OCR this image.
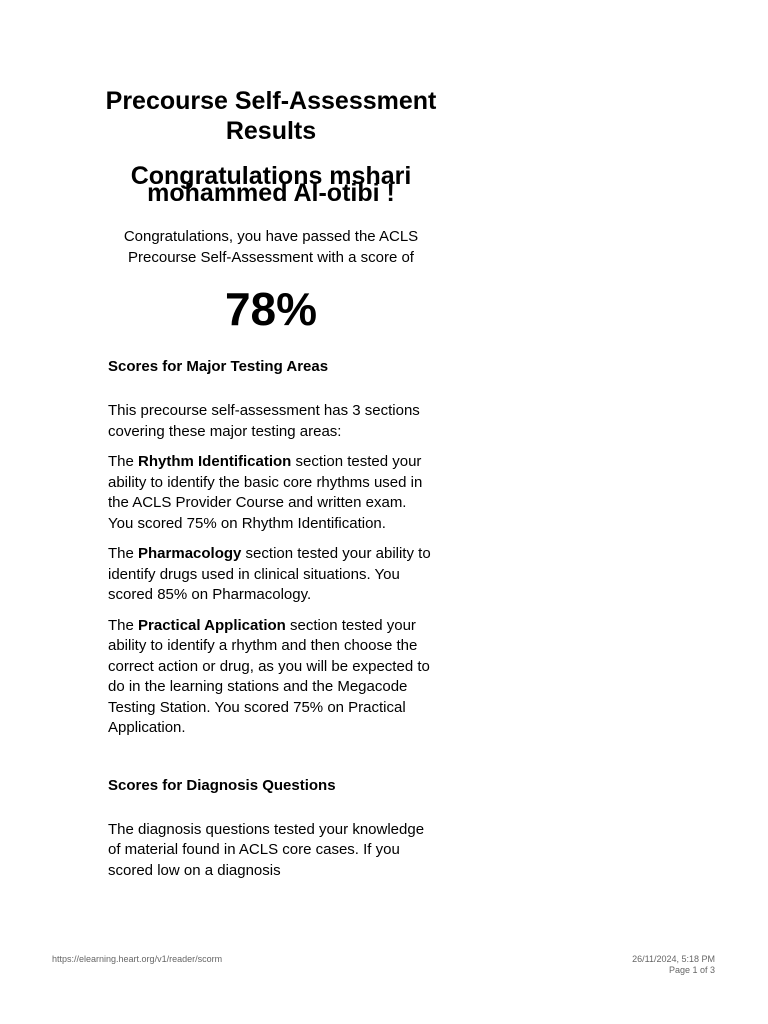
Precourse Self-Assessment Results
Congratulations mshari mohammed Al-otibi !
Congratulations, you have passed the ACLS Precourse Self-Assessment with a score of
78%
Scores for Major Testing Areas
This precourse self-assessment has 3 sections covering these major testing areas:
The Rhythm Identification section tested your ability to identify the basic core rhythms used in the ACLS Provider Course and written exam. You scored 75% on Rhythm Identification.
The Pharmacology section tested your ability to identify drugs used in clinical situations. You scored 85% on Pharmacology.
The Practical Application section tested your ability to identify a rhythm and then choose the correct action or drug, as you will be expected to do in the learning stations and the Megacode Testing Station. You scored 75% on Practical Application.
Scores for Diagnosis Questions
The diagnosis questions tested your knowledge of material found in ACLS core cases. If you scored low on a diagnosis
https://elearning.heart.org/v1/reader/scorm	26/11/2024, 5:18 PM
Page 1 of 3
